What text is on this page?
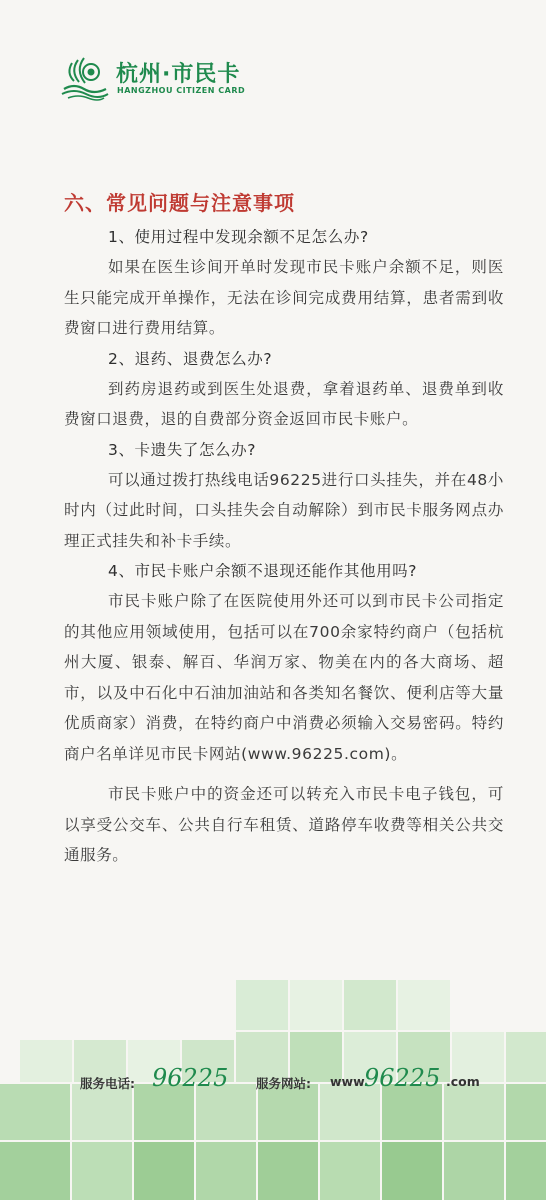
杭州·市民卡
HANGZHOU CITIZEN CARD
六、常见问题与注意事项

1、使用过程中发现余额不足怎么办?

如果在医生诊间开单时发现市民卡账户余额不足，则医生只能完成开单操作，无法在诊间完成费用结算，患者需到收费窗口进行费用结算。

2、退药、退费怎么办?

到药房退药或到医生处退费，拿着退药单、退费单到收费窗口退费，退的自费部分资金返回市民卡账户。

3、卡遗失了怎么办?

可以通过拨打热线电话96225进行口头挂失，并在48小时内（过此时间，口头挂失会自动解除）到市民卡服务网点办理正式挂失和补卡手续。

4、市民卡账户余额不退现还能作其他用吗?

市民卡账户除了在医院使用外还可以到市民卡公司指定的其他应用领域使用，包括可以在700余家特约商户（包括杭州大厦、银泰、解百、华润万家、物美在内的各大商场、超市，以及中石化中石油加油站和各类知名餐饮、便利店等大量优质商家）消费，在特约商户中消费必须输入交易密码。特约商户名单详见市民卡网站(www.96225.com)。

市民卡账户中的资金还可以转充入市民卡电子钱包，可以享受公交车、公共自行车租赁、道路停车收费等相关公共交通服务。

服务电话: 96225 服务网站: www.
96225 .com
